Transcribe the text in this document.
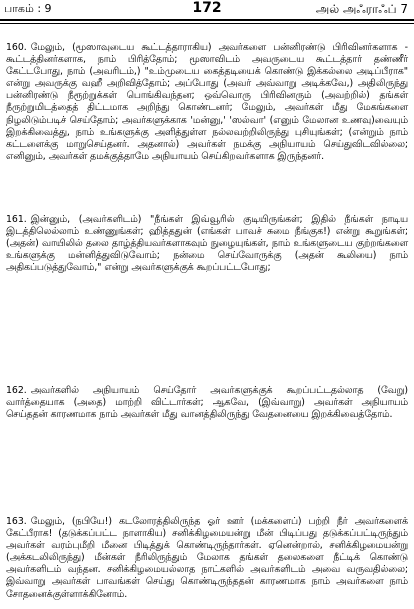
பாகம் : 9	172	அல் அஃராஃப் 7

160. மேலும், (மூஸாவுடைய கூட்டத்தாராகிய) அவர்களை பன்னிரண்டு பிரிவினர்களாக - கூட்டத்தினர்களாக, நாம் பிரித்தோம்; மூஸாவிடம் அவருடைய கூட்டத்தார் தண்ணீர் கேட்டபோது, நாம் (அவரிடம்,) "உம்முடைய கைத்தடியைக் கொண்டு இக்கல்லை அடிப்பீராக" என்று அவருக்கு வஹீ அறிவித்தோம்; அப்போது (அவர் அவ்வாறு அடிக்கவே,) அதிலிருந்து பன்னிரண்டு நீரூற்றுக்கள் பொங்கிவந்தன; ஒவ்வொரு பிரிவினரும் (அவற்றில்) தங்கள் நீருற்றுமிடத்தைத் திட்டமாக அறிந்து கொண்டனர்; மேலும், அவர்கள் மீது மேகங்களை நிழலிடும்படிச் செய்தோம்; அவர்களுக்காக 'மன்னு,' 'ஸல்வா' (எனும் மேலான உணவு)வையும் இறக்கிவைத்து, நாம் உங்களுக்கு அளித்துள்ள நல்லவற்றிலிருந்து புசியுங்கள்; (என்றும் நாம் கட்டளைக்கு மாறுசெய்தனர். அதனால்) அவர்கள் நமக்கு அநியாயம் செய்துவிடவில்லை; எனினும், அவர்கள் தமக்குத்தாமே அநியாயம் செய்கிறவர்களாக இருந்தனர்.

161. இன்னும், (அவர்களிடம்) "நீங்கள் இவ்வூரில் குடியிருங்கள்; இதில் நீங்கள் நாடிய இடத்திலெல்லாம் உண்ணுங்கள்; ஹித்ததுன் (எங்கள் பாவச் சுமை நீங்குக!) என்று கூறுங்கள்; (அதன்) வாயிலில் தலை தாழ்த்தியவர்களாகவும் நுழையுங்கள், நாம் உங்களுடைய குற்றங்களை உங்களுக்கு மன்னித்துவிடுவோம்; நன்மை செய்வோருக்கு (அதன் கூலியை) நாம் அதிகப்படுத்துவோம்," என்று அவர்களுக்குக் கூறப்பட்டபோது;

162. அவர்களில் அநியாயம் செய்தோர் அவர்களுக்குக் கூறப்பட்டதல்லாத (வேறு) வார்த்தையாக (அதை) மாற்றி விட்டார்கள்; ஆகவே, (இவ்வாறு) அவர்கள் அநியாயம் செய்ததன் காரணமாக நாம் அவர்கள் மீது வானத்திலிருந்து வேதனையை இறக்கிவைத்தோம்.

163. மேலும், (நபியே!) கடலோரத்திலிருந்த ஓர் ஊர் (மக்களைப்) பற்றி நீர் அவர்களைக் கேட்பீராக! (தடுக்கப்பட்ட நாளாகிய) சனிக்கிழமையன்று மீன் பிடிப்பது தடுக்கப்பட்டிருந்தும் அவர்கள் வரம்புமீறி மீனை பிடித்துக் கொண்டிருந்தார்கள். ஏனென்றால், சனிக்கிழமையன்று (அக்கடலிலிருந்து) மீன்கள் நீரிலிருந்தும் மேலாக தங்கள் தலைகளை நீட்டிக் கொண்டு அவர்களிடம் வந்தன. சனிக்கிழமையல்லாத நாட்களில் அவர்களிடம் அவை வருவதில்லை; இவ்வாறு அவர்கள் பாவங்கள் செய்து கொண்டிருந்ததன் காரணமாக நாம் அவர்களை நாம் சோதனைக்குள்ளாக்கினோம்.
